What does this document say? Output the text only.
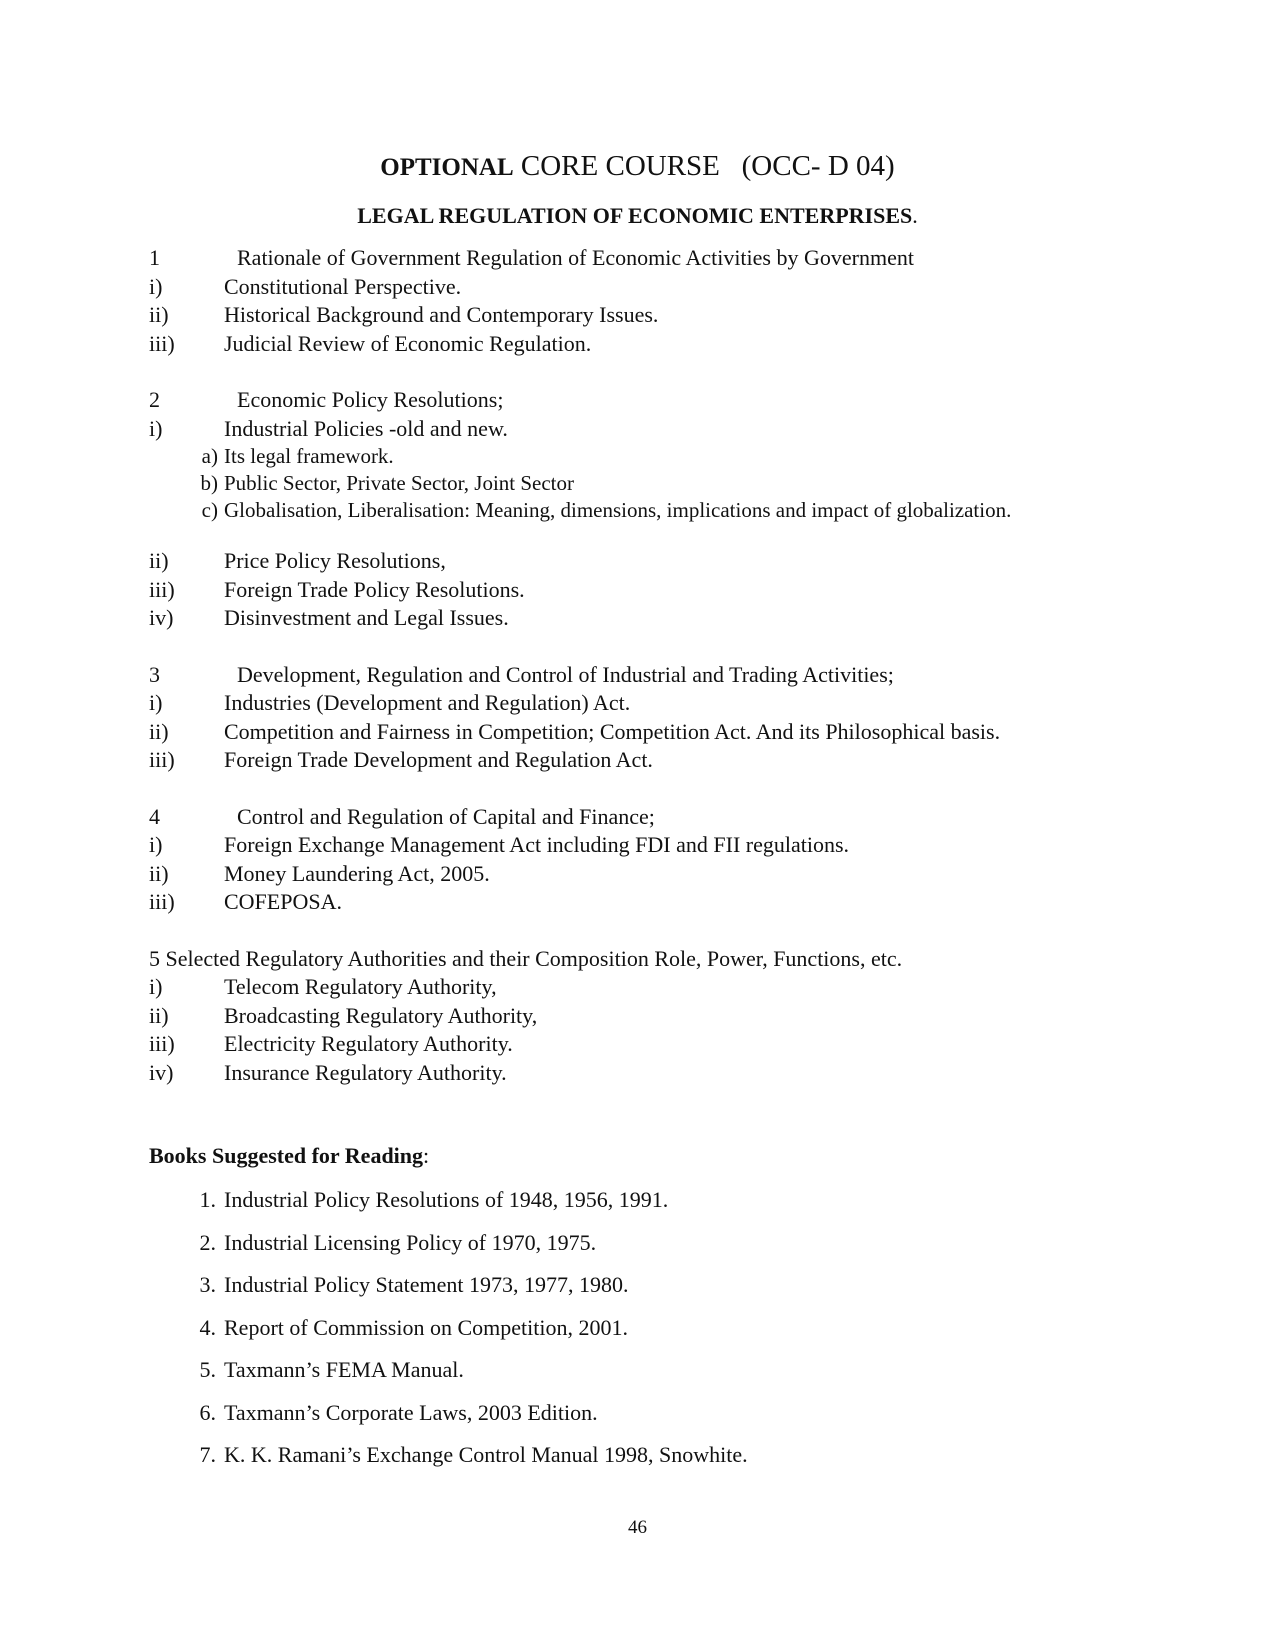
OPTIONAL CORE COURSE   (OCC- D 04)
LEGAL REGULATION OF ECONOMIC ENTERPRISES.
1	Rationale of Government Regulation of Economic Activities by Government
i)	Constitutional Perspective.
ii)	Historical Background and Contemporary Issues.
iii)	Judicial Review of Economic Regulation.
2	Economic Policy Resolutions;
i)	Industrial Policies -old and new.
a) Its legal framework.
b) Public Sector, Private Sector, Joint Sector
c) Globalisation, Liberalisation: Meaning, dimensions, implications and impact of globalization.
ii)	Price Policy Resolutions,
iii)	Foreign Trade Policy Resolutions.
iv)	Disinvestment and Legal Issues.
3	Development, Regulation and Control of Industrial and Trading Activities;
i)	Industries (Development and Regulation) Act.
ii)	Competition and Fairness in Competition; Competition Act. And its Philosophical basis.
iii)	Foreign Trade Development and Regulation Act.
4	Control and Regulation of Capital and Finance;
i)	Foreign Exchange Management Act including FDI and FII regulations.
ii)	Money Laundering Act, 2005.
iii)	COFEPOSA.
5 Selected Regulatory Authorities and their Composition Role, Power, Functions, etc.
i)	Telecom Regulatory Authority,
ii)	Broadcasting Regulatory Authority,
iii)	Electricity Regulatory Authority.
iv)	Insurance Regulatory Authority.
Books Suggested for Reading:
1. Industrial Policy Resolutions of 1948, 1956, 1991.
2. Industrial Licensing Policy of 1970, 1975.
3. Industrial Policy Statement 1973, 1977, 1980.
4. Report of Commission on Competition, 2001.
5. Taxmann’s FEMA Manual.
6. Taxmann’s Corporate Laws, 2003 Edition.
7. K. K. Ramani’s Exchange Control Manual 1998, Snowhite.
46
